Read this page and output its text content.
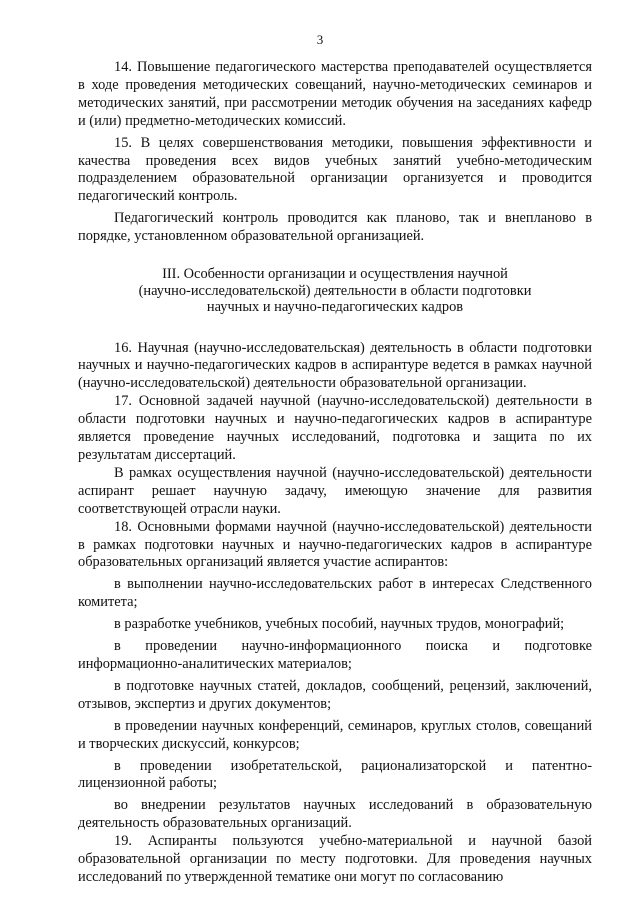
3

14. Повышение педагогического мастерства преподавателей осуществляется в ходе проведения методических совещаний, научно-методических семинаров и методических занятий, при рассмотрении методик обучения на заседаниях кафедр и (или) предметно-методических комиссий.

15. В целях совершенствования методики, повышения эффективности и качества проведения всех видов учебных занятий учебно-методическим подразделением образовательной организации организуется и проводится педагогический контроль.

Педагогический контроль проводится как планово, так и внепланово в порядке, установленном образовательной организацией.

III. Особенности организации и осуществления научной
(научно-исследовательской) деятельности в области подготовки
научных и научно-педагогических кадров

16. Научная (научно-исследовательская) деятельность в области подготовки научных и научно-педагогических кадров в аспирантуре ведется в рамках научной (научно-исследовательской) деятельности образовательной организации.

17. Основной задачей научной (научно-исследовательской) деятельности в области подготовки научных и научно-педагогических кадров в аспирантуре является проведение научных исследований, подготовка и защита по их результатам диссертаций.

В рамках осуществления научной (научно-исследовательской) деятельности аспирант решает научную задачу, имеющую значение для развития соответствующей отрасли науки.

18. Основными формами научной (научно-исследовательской) деятельности в рамках подготовки научных и научно-педагогических кадров в аспирантуре образовательных организаций является участие аспирантов:

в выполнении научно-исследовательских работ в интересах Следственного комитета;

в разработке учебников, учебных пособий, научных трудов, монографий;

в проведении научно-информационного поиска и подготовке информационно-аналитических материалов;

в подготовке научных статей, докладов, сообщений, рецензий, заключений, отзывов, экспертиз и других документов;

в проведении научных конференций, семинаров, круглых столов, совещаний и творческих дискуссий, конкурсов;

в проведении изобретательской, рационализаторской и патентно-лицензионной работы;

во внедрении результатов научных исследований в образовательную деятельность образовательных организаций.

19. Аспиранты пользуются учебно-материальной и научной базой образовательной организации по месту подготовки. Для проведения научных исследований по утвержденной тематике они могут по согласованию
